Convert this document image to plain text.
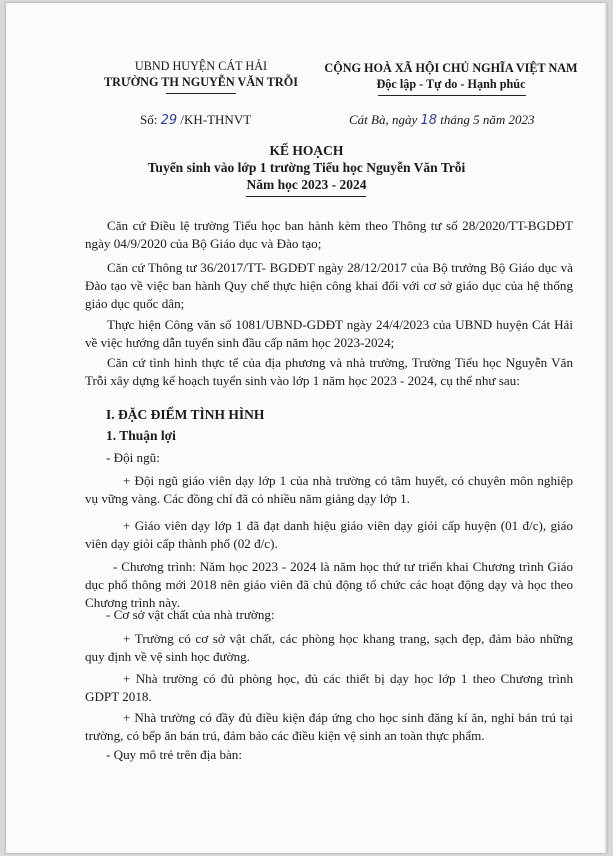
UBND HUYỆN CÁT HẢI
TRƯỜNG TH NGUYỄN VĂN TRỖI
CỘNG HOÀ XÃ HỘI CHỦ NGHĨA VIỆT NAM
Độc lập - Tự do - Hạnh phúc
Số: 29 /KH-THNVT	Cát Bà, ngày 18 tháng 5 năm 2023
KẾ HOẠCH
Tuyển sinh vào lớp 1 trường Tiểu học Nguyễn Văn Trỗi
Năm học 2023 - 2024
Căn cứ Điều lệ trường Tiểu học ban hành kèm theo Thông tư số 28/2020/TT-BGDĐT ngày 04/9/2020 của Bộ Giáo dục và Đào tạo;
Căn cứ Thông tư 36/2017/TT- BGDĐT ngày 28/12/2017 của Bộ trưởng Bộ Giáo dục và Đào tạo về việc ban hành Quy chế thực hiện công khai đối với cơ sở giáo dục của hệ thống giáo dục quốc dân;
Thực hiện Công văn số 1081/UBND-GDĐT ngày 24/4/2023 của UBND huyện Cát Hải về việc hướng dẫn tuyển sinh đầu cấp năm học 2023-2024;
Căn cứ tình hình thực tế của địa phương và nhà trường, Trường Tiểu học Nguyễn Văn Trỗi xây dựng kế hoạch tuyển sinh vào lớp 1 năm học 2023 - 2024, cụ thể như sau:
I. ĐẶC ĐIỂM TÌNH HÌNH
1. Thuận lợi
- Đội ngũ:
+ Đội ngũ giáo viên dạy lớp 1 của nhà trường có tâm huyết, có chuyên môn nghiệp vụ vững vàng. Các đồng chí đã có nhiều năm giảng dạy lớp 1.
+ Giáo viên dạy lớp 1 đã đạt danh hiệu giáo viên dạy giỏi cấp huyện (01 đ/c), giáo viên dạy giỏi cấp thành phố (02 đ/c).
- Chương trình: Năm học 2023 - 2024 là năm học thứ tư triển khai Chương trình Giáo dục phổ thông mới 2018 nên giáo viên đã chủ động tổ chức các hoạt động dạy và học theo Chương trình này.
- Cơ sở vật chất của nhà trường:
+ Trường có cơ sở vật chất, các phòng học khang trang, sạch đẹp, đảm bảo những quy định về vệ sinh học đường.
+ Nhà trường có đủ phòng học, đủ các thiết bị dạy học lớp 1 theo Chương trình GDPT 2018.
+ Nhà trường có đầy đủ điều kiện đáp ứng cho học sinh đăng kí ăn, nghỉ bán trú tại trường, có bếp ăn bán trú, đảm bảo các điều kiện vệ sinh an toàn thực phẩm.
- Quy mô trẻ trên địa bàn:
